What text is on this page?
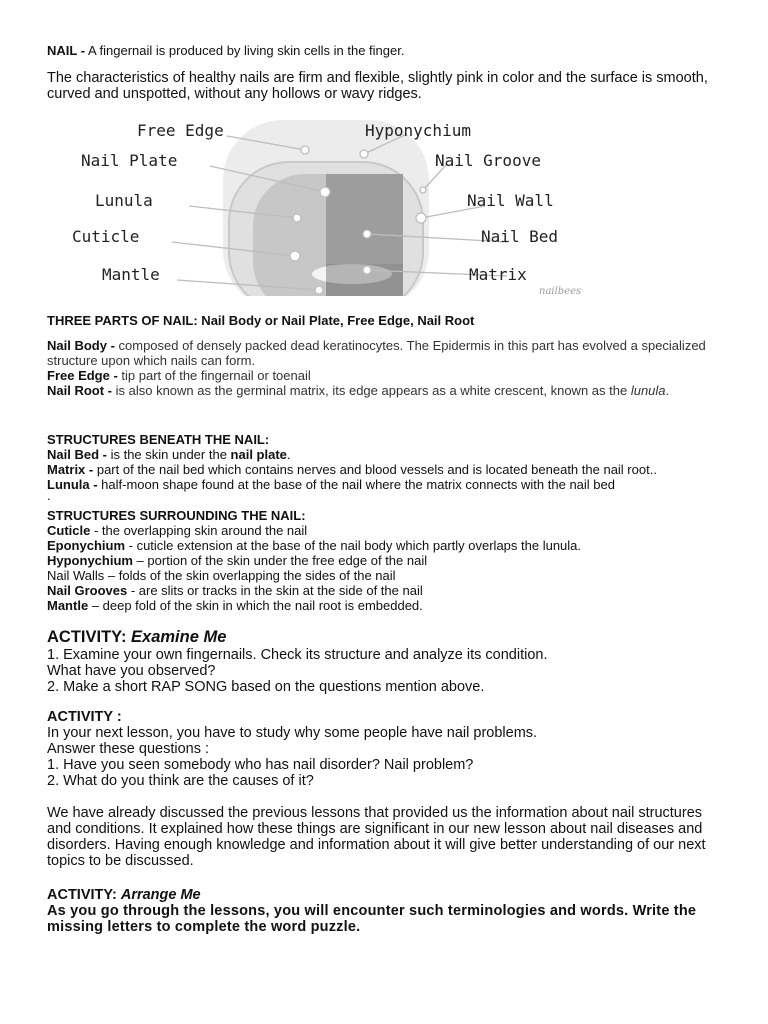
NAIL - A fingernail is produced by living skin cells in the finger.

The characteristics of healthy nails are firm and flexible, slightly pink in color and the surface is smooth, curved and unspotted, without any hollows or wavy ridges.

Free Edge
Nail Plate
Lunula
Cuticle
Mantle
Hyponychium
Nail Groove
Nail Wall
Nail Bed
Matrix
nailbees

THREE PARTS OF NAIL: Nail Body or Nail Plate, Free Edge, Nail Root

Nail Body - composed of densely packed dead keratinocytes. The Epidermis in this part has evolved a specialized structure upon which nails can form.

Free Edge - tip part of the fingernail or toenail

Nail Root - is also known as the germinal matrix, its edge appears as a white crescent, known as the lunula.

STRUCTURES BENEATH THE NAIL:

Nail Bed - is the skin under the nail plate.

Matrix - part of the nail bed which contains nerves and blood vessels and is located beneath the nail root..

Lunula - half-moon shape found at the base of the nail where the matrix connects with the nail bed

.

STRUCTURES SURROUNDING THE NAIL:

Cuticle - the overlapping skin around the nail

Eponychium - cuticle extension at the base of the nail body which partly overlaps the lunula.

Hyponychium – portion of the skin under the free edge of the nail

Nail Walls – folds of the skin overlapping the sides of the nail

Nail Grooves - are slits or tracks in the skin at the side of the nail

Mantle – deep fold of the skin in which the nail root is embedded.

ACTIVITY: Examine Me

1. Examine your own fingernails. Check its structure and analyze its condition.

What have you observed?

2. Make a short RAP SONG based on the questions mention above.

ACTIVITY :

In your next lesson, you have to study why some people have nail problems.

Answer these questions :

1. Have you seen somebody who has nail disorder? Nail problem?

2. What do you think are the causes of it?

We have already discussed the previous lessons that provided us the information about nail structures and conditions. It explained how these things are significant in our new lesson about nail diseases and disorders. Having enough knowledge and information about it will give better understanding of our next topics to be discussed.

ACTIVITY: Arrange Me

As you go through the lessons, you will encounter such terminologies and words. Write the missing letters to complete the word puzzle.
